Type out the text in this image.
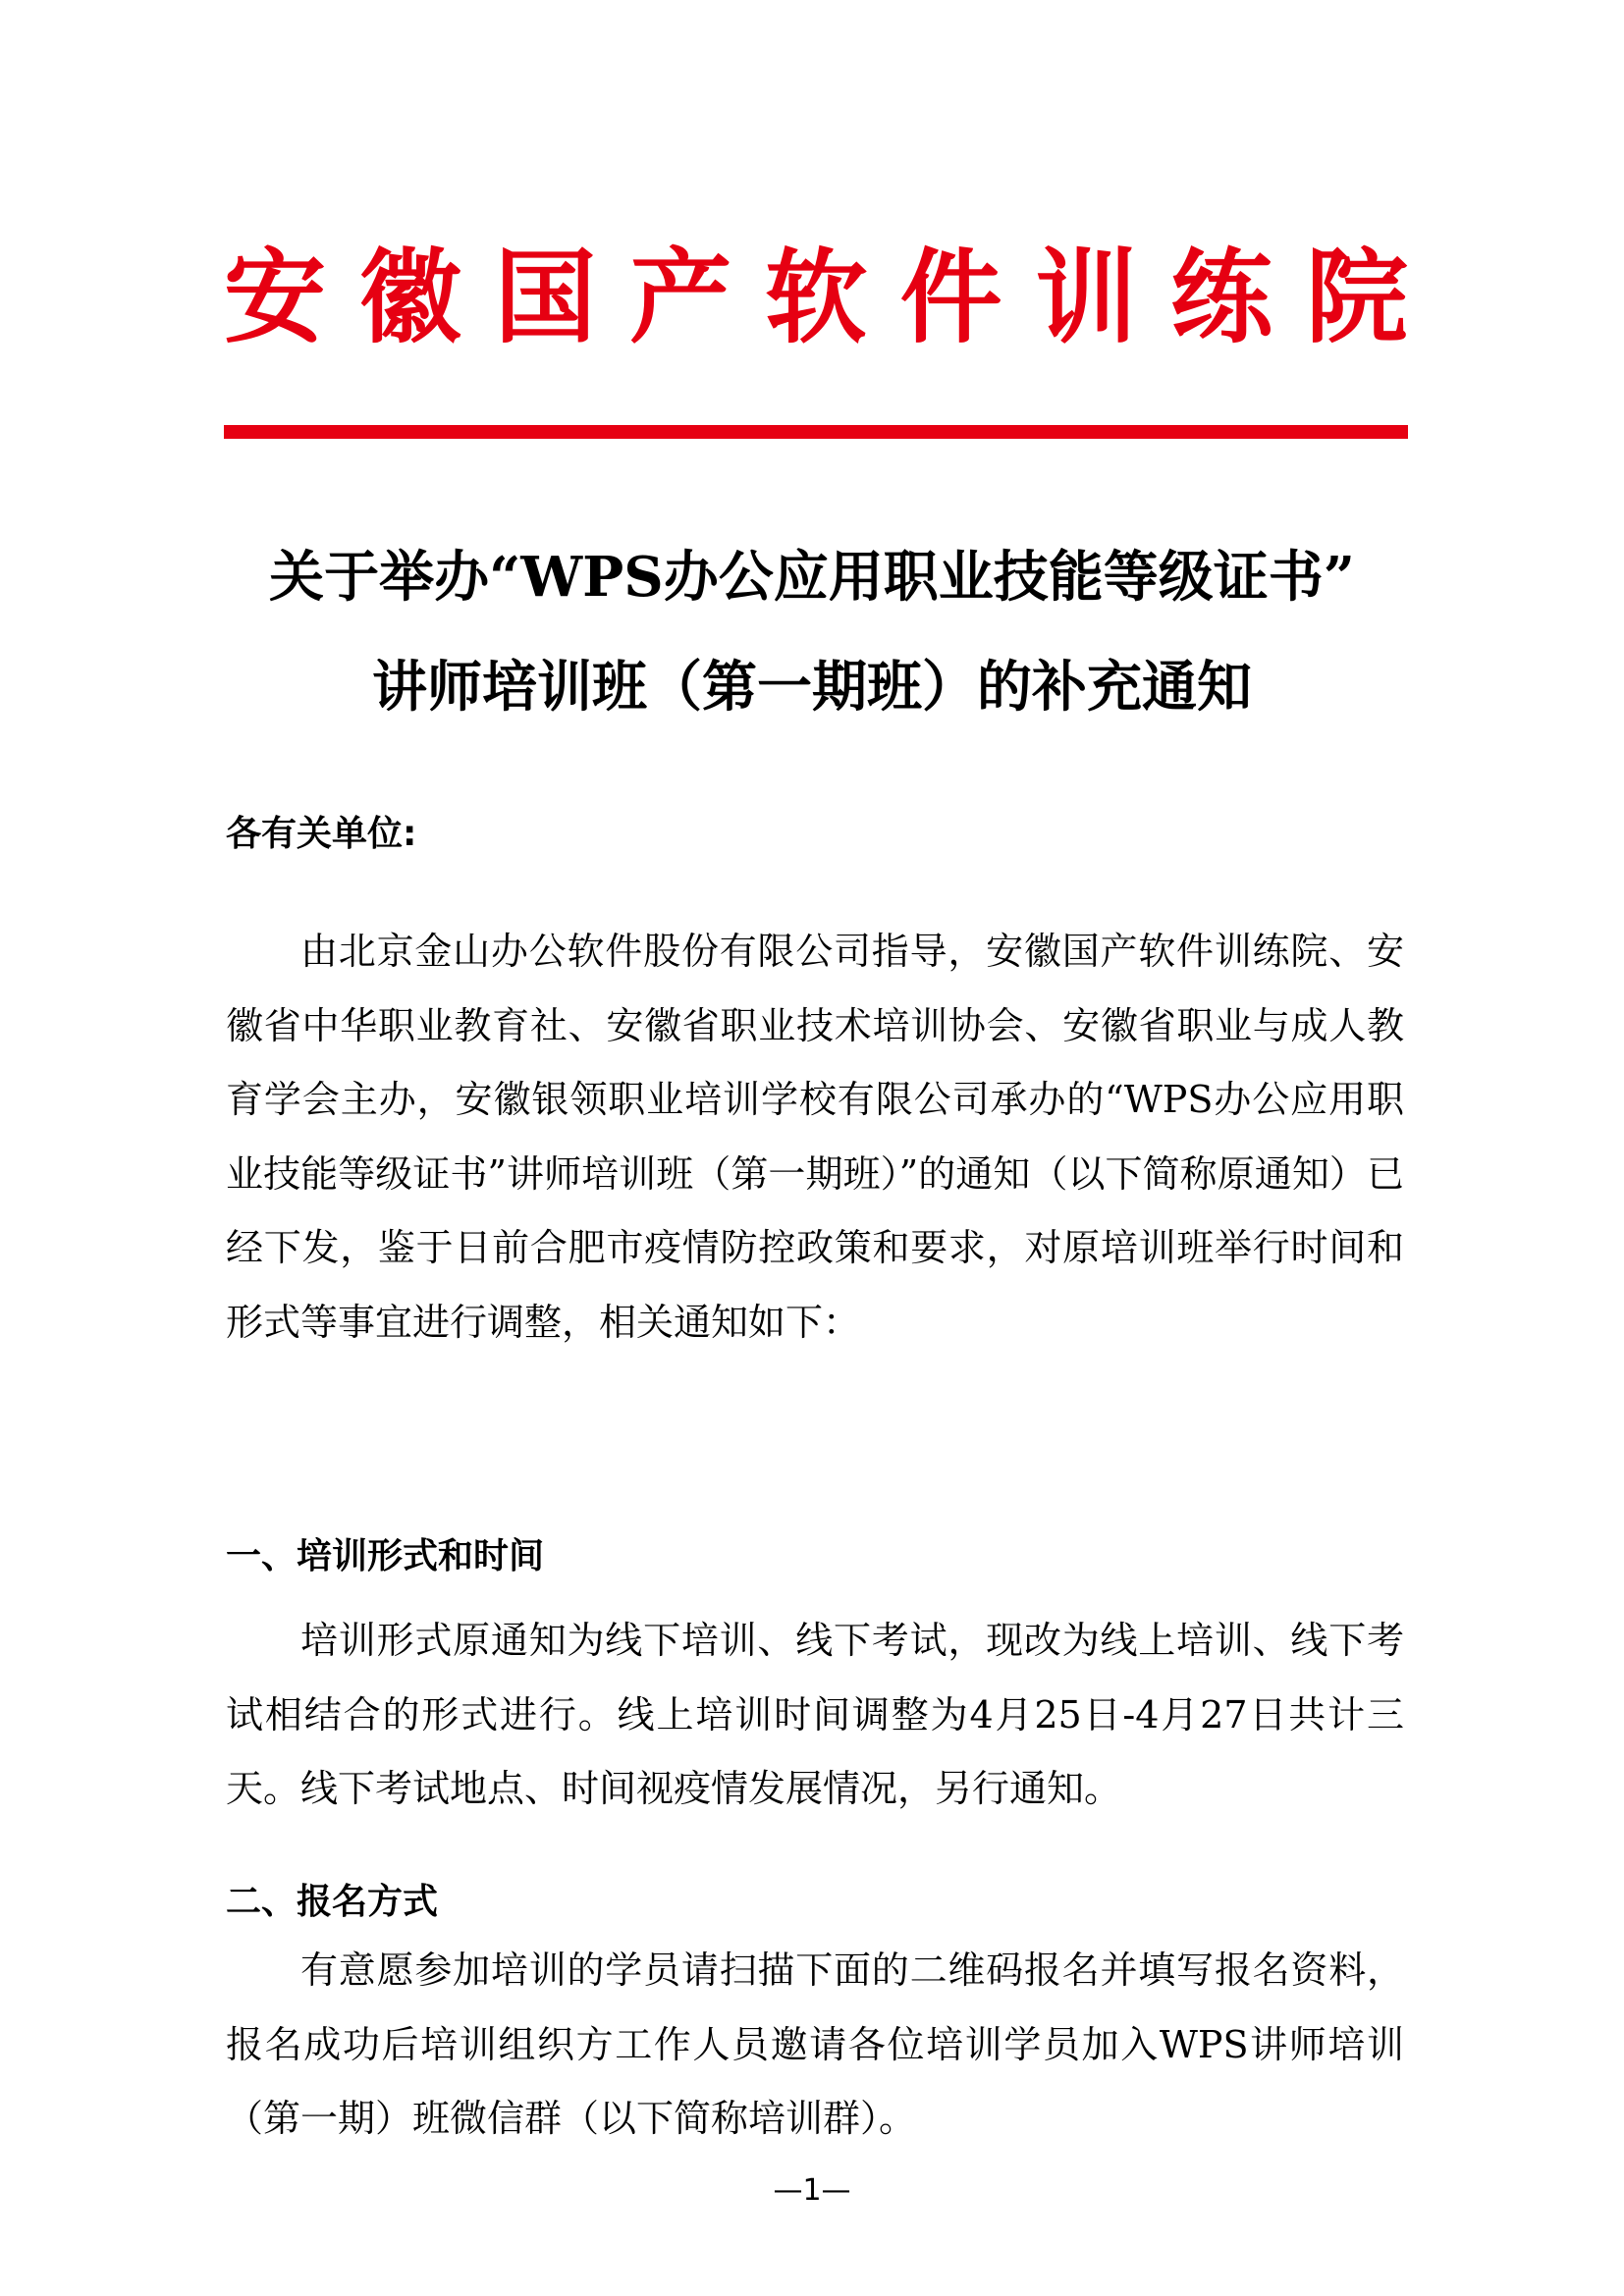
安 徽 国 产 软 件 训 练 院
关于举办“WPS办公应用职业技能等级证书”
讲师培训班（第一期班）的补充通知
各有关单位:

由北京金山办公软件股份有限公司指导，安徽国产软件训练院、安徽省中华职业教育社、安徽省职业技术培训协会、安徽省职业与成人教育学会主办，安徽银领职业培训学校有限公司承办的“WPS办公应用职业技能等级证书”讲师培训班（第一期班）”的通知（以下简称原通知）已经下发，鉴于日前合肥市疫情防控政策和要求，对原培训班举行时间和形式等事宜进行调整，相关通知如下：

一、培训形式和时间

培训形式原通知为线下培训、线下考试，现改为线上培训、线下考试相结合的形式进行。线上培训时间调整为4月25日-4月27日共计三天。线下考试地点、时间视疫情发展情况，另行通知。

二、报名方式

有意愿参加培训的学员请扫描下面的二维码报名并填写报名资料，报名成功后培训组织方工作人员邀请各位培训学员加入WPS讲师培训（第一期）班微信群（以下简称培训群）。

—1—
